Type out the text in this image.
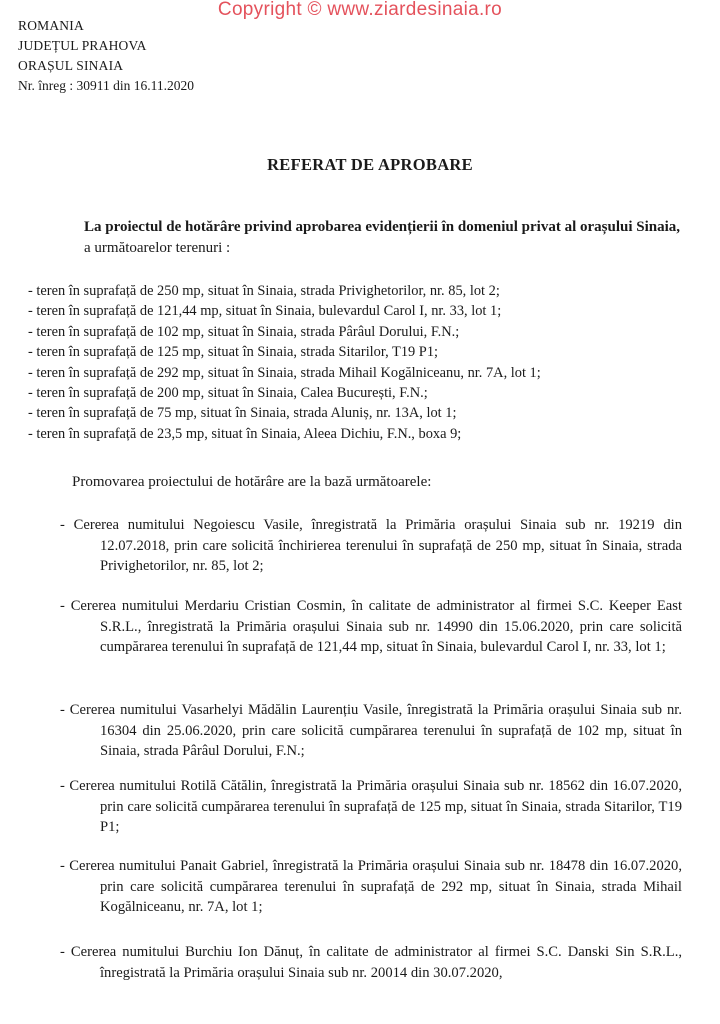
Copyright © www.ziardesinaia.ro
ROMANIA
JUDEȚUL PRAHOVA
ORAȘUL SINAIA
Nr. înreg : 30911 din 16.11.2020
REFERAT DE APROBARE
La proiectul de hotărâre privind aprobarea evidențierii în domeniul privat al orașului Sinaia, a următoarelor terenuri :
- teren în suprafață de 250 mp, situat în Sinaia, strada Privighetorilor, nr. 85, lot 2;
- teren în suprafață de 121,44 mp, situat în Sinaia, bulevardul Carol I, nr. 33, lot 1;
- teren în suprafață de 102 mp, situat în Sinaia, strada Pârâul Dorului, F.N.;
- teren în suprafață de 125 mp, situat în Sinaia, strada Sitarilor, T19 P1;
- teren în suprafață de 292 mp, situat în Sinaia, strada Mihail Kogălniceanu, nr. 7A, lot 1;
- teren în suprafață de 200 mp, situat în Sinaia, Calea București, F.N.;
- teren în suprafață de 75 mp, situat în Sinaia, strada Aluniș, nr. 13A, lot 1;
- teren în suprafață de 23,5 mp, situat în Sinaia, Aleea Dichiu, F.N., boxa 9;
Promovarea proiectului de hotărâre are la bază următoarele:
- Cererea numitului Negoiescu Vasile, înregistrată la Primăria orașului Sinaia sub nr. 19219 din 12.07.2018, prin care solicită închirierea terenului în suprafață de 250 mp, situat în Sinaia, strada Privighetorilor, nr. 85, lot 2;
- Cererea numitului Merdariu Cristian Cosmin, în calitate de administrator al firmei S.C. Keeper East S.R.L., înregistrată la Primăria orașului Sinaia sub nr. 14990 din 15.06.2020, prin care solicită cumpărarea terenului în suprafață de 121,44 mp, situat în Sinaia, bulevardul Carol I, nr. 33, lot 1;
- Cererea numitului Vasarhelyi Mădălin Laurențiu Vasile, înregistrată la Primăria orașului Sinaia sub nr. 16304 din 25.06.2020, prin care solicită cumpărarea terenului în suprafață de 102 mp, situat în Sinaia, strada Pârâul Dorului, F.N.;
- Cererea numitului Rotilă Cătălin, înregistrată la Primăria orașului Sinaia sub nr. 18562 din 16.07.2020, prin care solicită cumpărarea terenului în suprafață de 125 mp, situat în Sinaia, strada Sitarilor, T19 P1;
- Cererea numitului Panait Gabriel, înregistrată la Primăria orașului Sinaia sub nr. 18478 din 16.07.2020, prin care solicită cumpărarea terenului în suprafață de 292 mp, situat în Sinaia, strada Mihail Kogălniceanu, nr. 7A, lot 1;
- Cererea numitului Burchiu Ion Dănuț, în calitate de administrator al firmei S.C. Danski Sin S.R.L., înregistrată la Primăria orașului Sinaia sub nr. 20014 din 30.07.2020,
